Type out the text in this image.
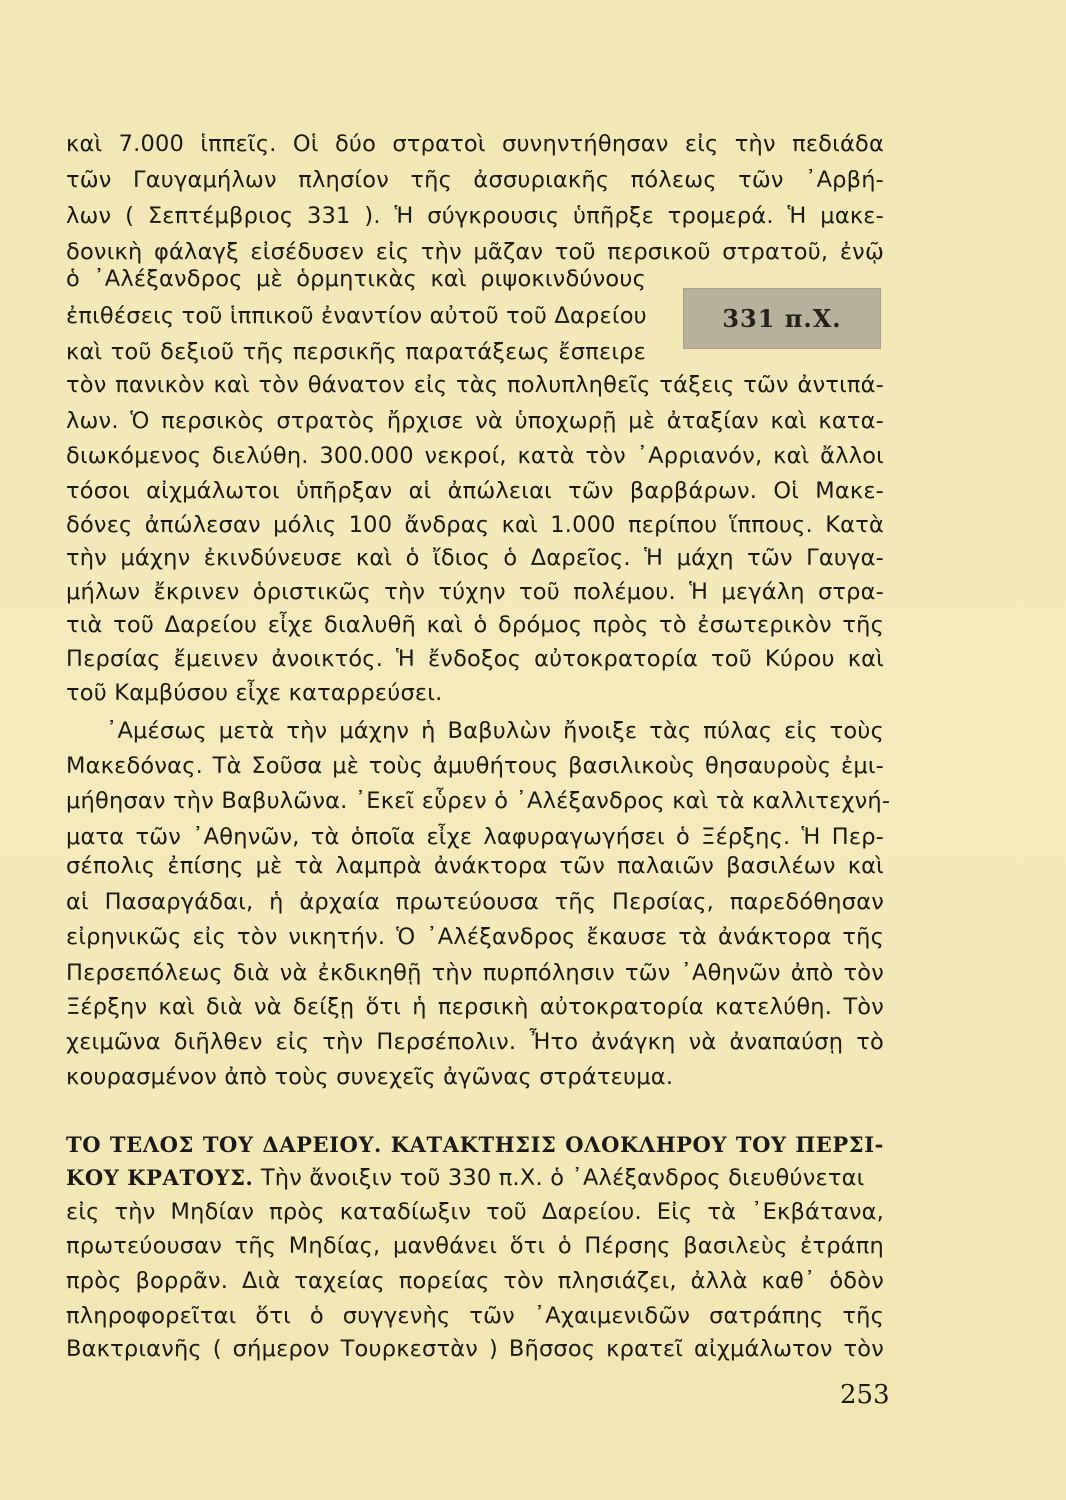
καὶ 7.000 ἱππεῖς. Οἱ δύο στρατοὶ συνηντήθησαν εἰς τὴν πεδιάδα
τῶν Γαυγαμήλων πλησίον τῆς ἀσσυριακῆς πόλεως τῶν ᾿Αρβή-
λων ( Σεπτέμβριος 331 ). Ἡ σύγκρουσις ὑπῆρξε τρομερά. Ἡ μακε-
δονικὴ φάλαγξ εἰσέδυσεν εἰς τὴν μᾶζαν τοῦ περσικοῦ στρατοῦ, ἐνῷ
ὁ ᾿Αλέξανδρος μὲ ὁρμητικὰς καὶ ριψοκινδύνους
ἐπιθέσεις τοῦ ἱππικοῦ ἐναντίον αὐτοῦ τοῦ Δαρείου
καὶ τοῦ δεξιοῦ τῆς περσικῆς παρατάξεως ἔσπειρε
331 π.Χ.
τὸν πανικὸν καὶ τὸν θάνατον εἰς τὰς πολυπληθεῖς τάξεις τῶν ἀντιπά-
λων. Ὁ περσικὸς στρατὸς ἤρχισε νὰ ὑποχωρῇ μὲ ἀταξίαν καὶ κατα-
διωκόμενος διελύθη. 300.000 νεκροί, κατὰ τὸν ᾿Αρριανόν, καὶ ἄλλοι
τόσοι αἰχμάλωτοι ὑπῆρξαν αἱ ἀπώλειαι τῶν βαρβάρων. Οἱ Μακε-
δόνες ἀπώλεσαν μόλις 100 ἄνδρας καὶ 1.000 περίπου ἵππους. Κατὰ
τὴν μάχην ἐκινδύνευσε καὶ ὁ ἴδιος ὁ Δαρεῖος. Ἡ μάχη τῶν Γαυγα-
μήλων ἔκρινεν ὁριστικῶς τὴν τύχην τοῦ πολέμου. Ἡ μεγάλη στρα-
τιὰ τοῦ Δαρείου εἶχε διαλυθῆ καὶ ὁ δρόμος πρὸς τὸ ἐσωτερικὸν τῆς
Περσίας ἔμεινεν ἀνοικτός. Ἡ ἔνδοξος αὐτοκρατορία τοῦ Κύρου καὶ
τοῦ Καμβύσου εἶχε καταρρεύσει.
᾿Αμέσως μετὰ τὴν μάχην ἡ Βαβυλὼν ἤνοιξε τὰς πύλας εἰς τοὺς
Μακεδόνας. Τὰ Σοῦσα μὲ τοὺς ἀμυθήτους βασιλικοὺς θησαυροὺς ἐμι-
μήθησαν τὴν Βαβυλῶνα. ᾿Εκεῖ εὗρεν ὁ ᾿Αλέξανδρος καὶ τὰ καλλιτεχνή-
ματα τῶν ᾿Αθηνῶν, τὰ ὁποῖα εἶχε λαφυραγωγήσει ὁ Ξέρξης. Ἡ Περ-
σέπολις ἐπίσης μὲ τὰ λαμπρὰ ἀνάκτορα τῶν παλαιῶν βασιλέων καὶ
αἱ Πασαργάδαι, ἡ ἀρχαία πρωτεύουσα τῆς Περσίας, παρεδόθησαν
εἰρηνικῶς εἰς τὸν νικητήν. Ὁ ᾿Αλέξανδρος ἔκαυσε τὰ ἀνάκτορα τῆς
Περσεπόλεως διὰ νὰ ἐκδικηθῇ τὴν πυρπόλησιν τῶν ᾿Αθηνῶν ἀπὸ τὸν
Ξέρξην καὶ διὰ νὰ δείξῃ ὅτι ἡ περσικὴ αὐτοκρατορία κατελύθη. Τὸν
χειμῶνα διῆλθεν εἰς τὴν Περσέπολιν. Ἦτο ἀνάγκη νὰ ἀναπαύσῃ τὸ
κουρασμένον ἀπὸ τοὺς συνεχεῖς ἀγῶνας στράτευμα.
ΤΟ ΤΕΛΟΣ ΤΟΥ ΔΑΡΕΙΟΥ. ΚΑΤΑΚΤΗΣΙΣ ΟΛΟΚΛΗΡΟΥ ΤΟΥ ΠΕΡΣΙ-
ΚΟΥ ΚΡΑΤΟΥΣ. Τὴν ἄνοιξιν τοῦ 330 π.Χ. ὁ ᾿Αλέξανδρος διευθύνεται
εἰς τὴν Μηδίαν πρὸς καταδίωξιν τοῦ Δαρείου. Εἰς τὰ ᾿Εκβάτανα,
πρωτεύουσαν τῆς Μηδίας, μανθάνει ὅτι ὁ Πέρσης βασιλεὺς ἐτράπη
πρὸς βορρᾶν. Διὰ ταχείας πορείας τὸν πλησιάζει, ἀλλὰ καθ᾿ ὁδὸν
πληροφορεῖται ὅτι ὁ συγγενὴς τῶν ᾿Αχαιμενιδῶν σατράπης τῆς
Βακτριανῆς ( σήμερον Τουρκεστὰν ) Βῆσσος κρατεῖ αἰχμάλωτον τὸν
253
